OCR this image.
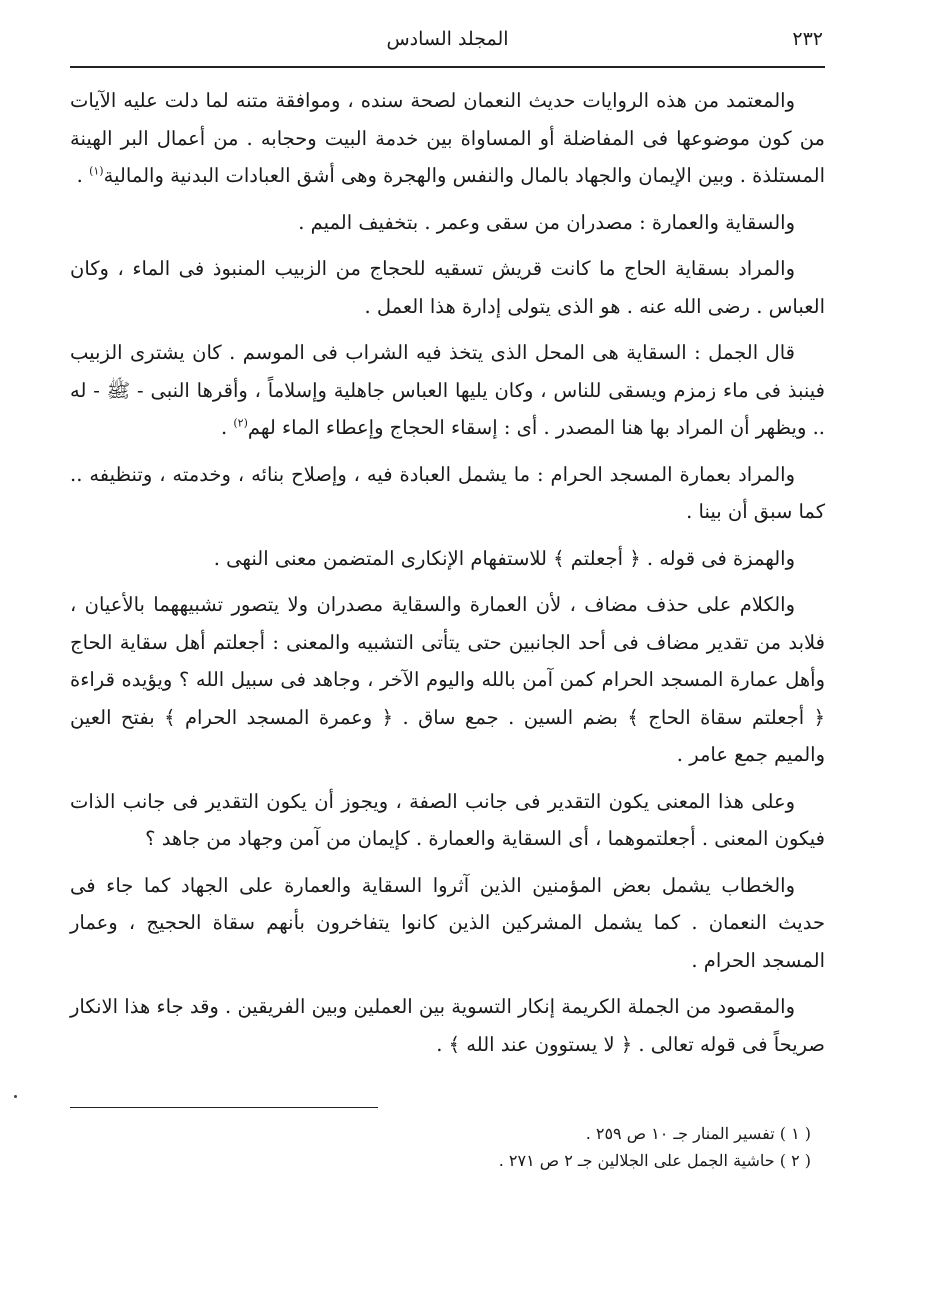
٢٣٢
المجلد السادس

والمعتمد من هذه الروايات حديث النعمان لصحة سنده ، وموافقة متنه لما دلت عليه الآيات من كون موضوعها فى المفاضلة أو المساواة بين خدمة البيت وحجابه . من أعمال البر الهينة المستلذة . وبين الإيمان والجهاد بالمال والنفس والهجرة وهى أشق العبادات البدنية والمالية$^{(١)}$ .

والسقاية والعمارة : مصدران من سقى وعمر . بتخفيف الميم .

والمراد بسقاية الحاج ما كانت قريش تسقيه للحجاج من الزبيب المنبوذ فى الماء ، وكان العباس . رضى الله عنه . هو الذى يتولى إدارة هذا العمل .

قال الجمل : السقاية هى المحل الذى يتخذ فيه الشراب فى الموسم . كان يشترى الزبيب فينبذ فى ماء زمزم ويسقى للناس ، وكان يليها العباس جاهلية وإسلاماً ، وأقرها النبى - ﷺ - له .. ويظهر أن المراد بها هنا المصدر . أى : إسقاء الحجاج وإعطاء الماء لهم$^{(٢)}$ .

والمراد بعمارة المسجد الحرام : ما يشمل العبادة فيه ، وإصلاح بنائه ، وخدمته ، وتنظيفه .. كما سبق أن بينا .

والهمزة فى قوله . ﴿ أجعلتم ﴾ للاستفهام الإنكارى المتضمن معنى النهى .

والكلام على حذف مضاف ، لأن العمارة والسقاية مصدران ولا يتصور تشبيههما بالأعيان ، فلابد من تقدير مضاف فى أحد الجانبين حتى يتأتى التشبيه والمعنى : أجعلتم أهل سقاية الحاج وأهل عمارة المسجد الحرام كمن آمن بالله واليوم الآخر ، وجاهد فى سبيل الله ؟ ويؤيده قراءة ﴿ أجعلتم سقاة الحاج ﴾ بضم السين . جمع ساق . ﴿ وعمرة المسجد الحرام ﴾ بفتح العين والميم جمع عامر .

وعلى هذا المعنى يكون التقدير فى جانب الصفة ، ويجوز أن يكون التقدير فى جانب الذات فيكون المعنى . أجعلتموهما ، أى السقاية والعمارة . كإيمان من آمن وجهاد من جاهد ؟

والخطاب يشمل بعض المؤمنين الذين آثروا السقاية والعمارة على الجهاد كما جاء فى حديث النعمان . كما يشمل المشركين الذين كانوا يتفاخرون بأنهم سقاة الحجيج ، وعمار المسجد الحرام .

والمقصود من الجملة الكريمة إنكار التسوية بين العملين وبين الفريقين . وقد جاء هذا الانكار صريحاً فى قوله تعالى . ﴿ لا يستوون عند الله ﴾ .

( ١ ) تفسير المنار جـ ١٠ ص ٢٥٩ .

( ٢ ) حاشية الجمل على الجلالين جـ ٢ ص ٢٧١ .
